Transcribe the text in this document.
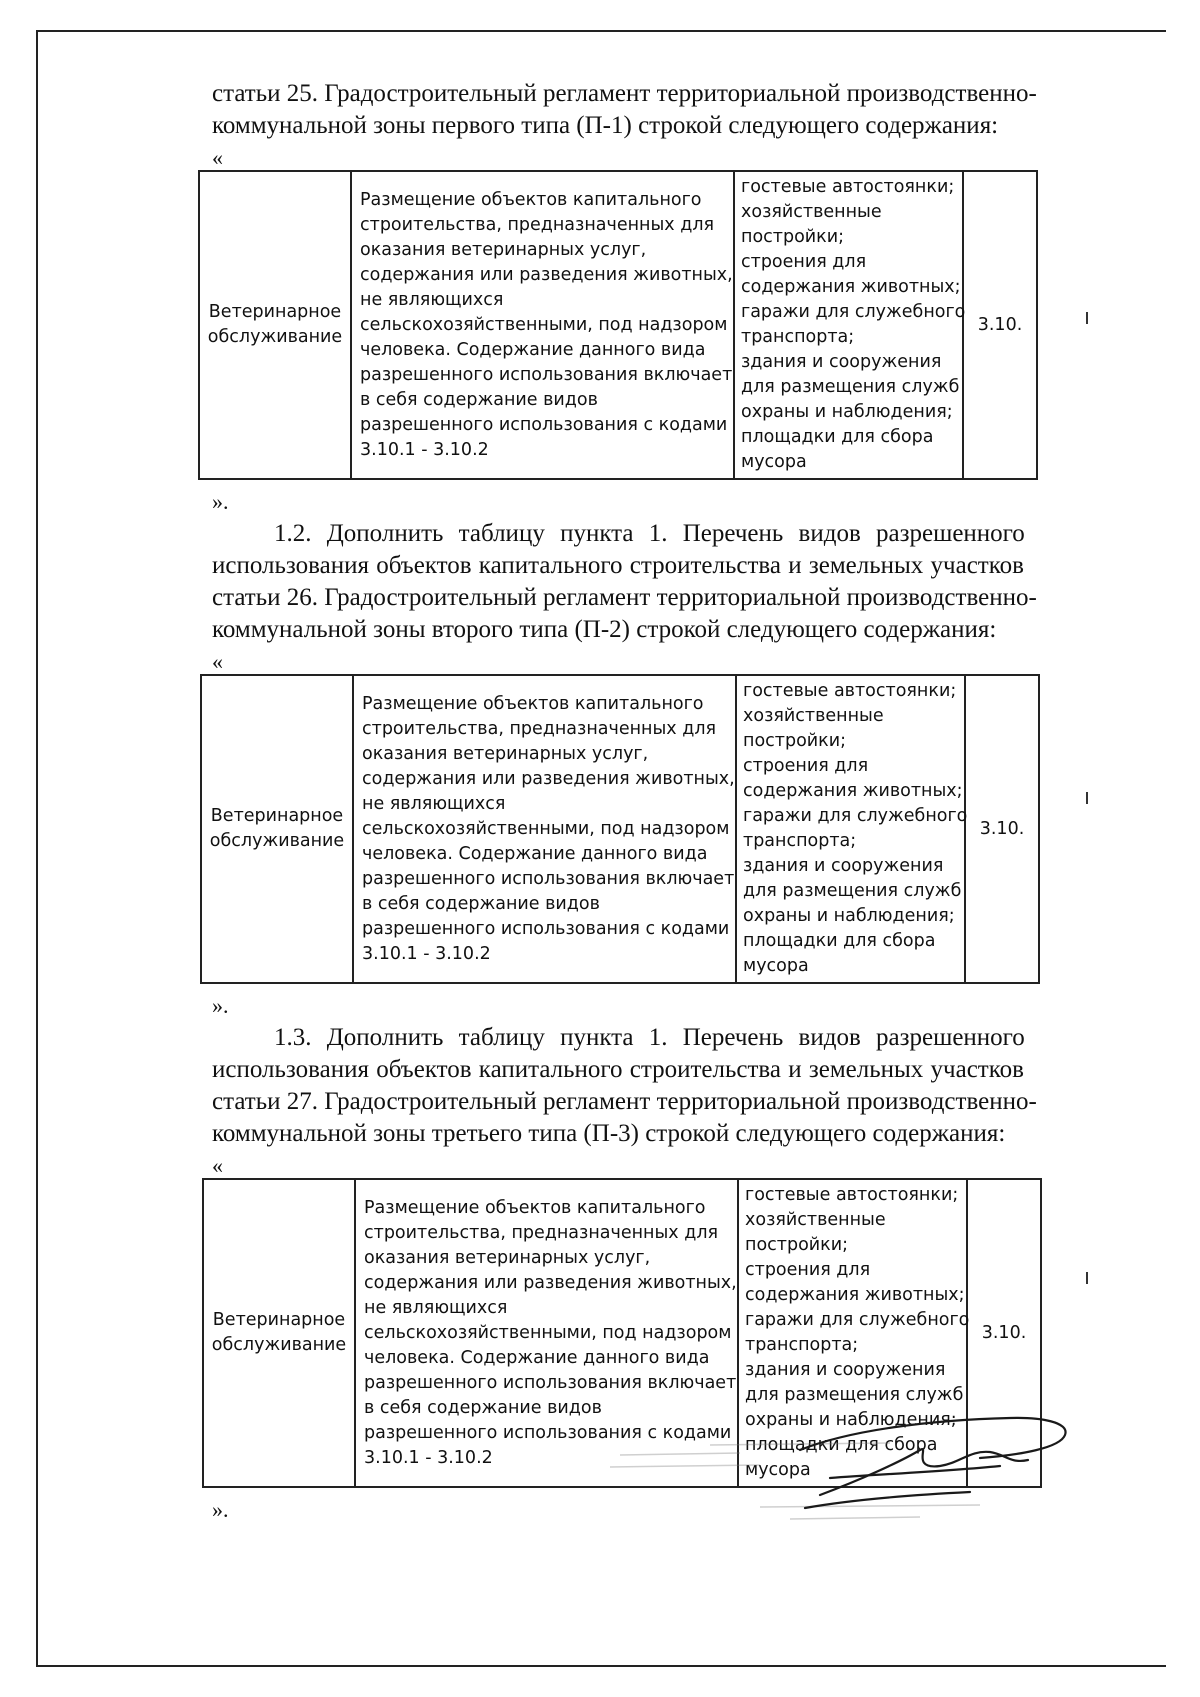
статьи 25. Градостроительный регламент территориальной производственно-
коммунальной зоны первого типа (П-1) строкой следующего содержания:

«

Ветеринарное
обслуживание

Размещение объектов капитального
строительства, предназначенных для
оказания ветеринарных услуг,
содержания или разведения животных,
не являющихся
сельскохозяйственными, под надзором
человека. Содержание данного вида
разрешенного использования включает
в себя содержание видов
разрешенного использования с кодами
3.10.1 - 3.10.2

гостевые автостоянки;
хозяйственные
постройки;
строения для
содержания животных;
гаражи для служебного
транспорта;
здания и сооружения
для размещения служб
охраны и наблюдения;
площадки для сбора
мусора
	3.10.

».

1.2. Дополнить таблицу пункта 1. Перечень видов разрешенного
использования объектов капитального строительства и земельных участков
статьи 26. Градостроительный регламент территориальной производственно-
коммунальной зоны второго типа (П-2) строкой следующего содержания:

«

Ветеринарное
обслуживание

Размещение объектов капитального
строительства, предназначенных для
оказания ветеринарных услуг,
содержания или разведения животных,
не являющихся
сельскохозяйственными, под надзором
человека. Содержание данного вида
разрешенного использования включает
в себя содержание видов
разрешенного использования с кодами
3.10.1 - 3.10.2

гостевые автостоянки;
хозяйственные
постройки;
строения для
содержания животных;
гаражи для служебного
транспорта;
здания и сооружения
для размещения служб
охраны и наблюдения;
площадки для сбора
мусора
	3.10.

».

1.3. Дополнить таблицу пункта 1. Перечень видов разрешенного
использования объектов капитального строительства и земельных участков
статьи 27. Градостроительный регламент территориальной производственно-
коммунальной зоны третьего типа (П-3) строкой следующего содержания:

«

Ветеринарное
обслуживание

Размещение объектов капитального
строительства, предназначенных для
оказания ветеринарных услуг,
содержания или разведения животных,
не являющихся
сельскохозяйственными, под надзором
человека. Содержание данного вида
разрешенного использования включает
в себя содержание видов
разрешенного использования с кодами
3.10.1 - 3.10.2

гостевые автостоянки;
хозяйственные
постройки;
строения для
содержания животных;
гаражи для служебного
транспорта;
здания и сооружения
для размещения служб
охраны и наблюдения;
площадки для сбора
мусора
	3.10.

».
